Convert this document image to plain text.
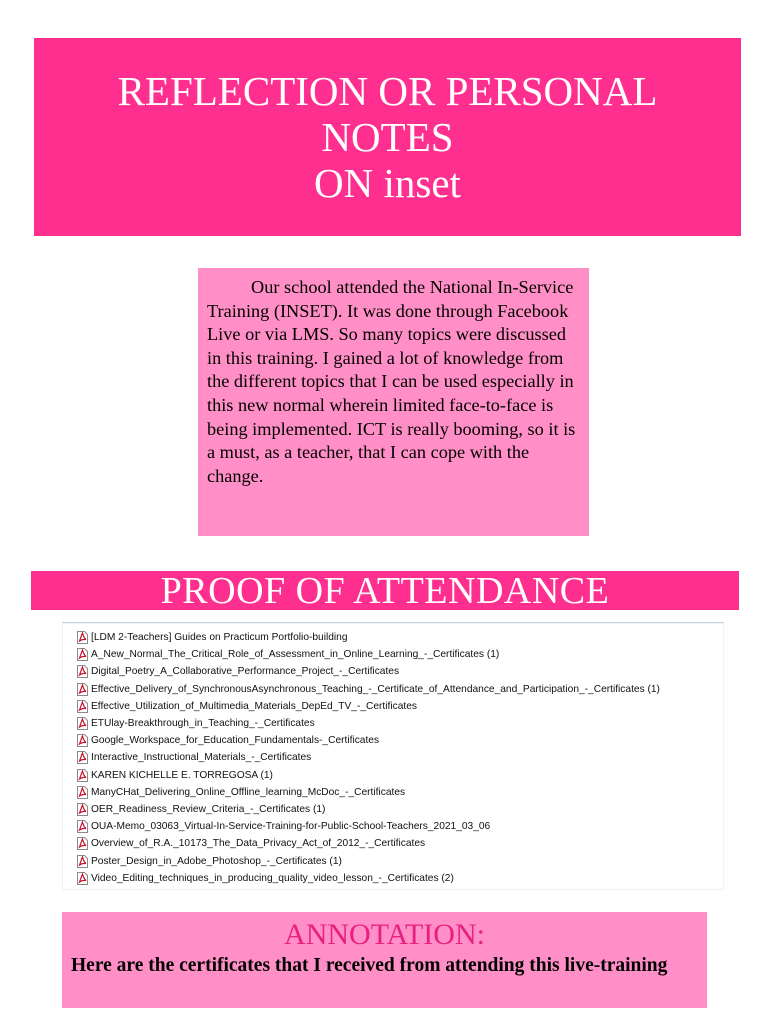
REFLECTION OR PERSONAL
NOTES
ON inset

Our school attended the National In-Service Training (INSET). It was done through Facebook Live or via LMS. So many topics were discussed in this training. I gained a lot of knowledge from the different topics that I can be used especially in this new normal wherein limited face-to-face is being implemented. ICT is really booming, so it is a must, as a teacher, that I can cope with the change.

PROOF OF ATTENDANCE
[LDM 2-Teachers] Guides on Practicum Portfolio-building
A_New_Normal_The_Critical_Role_of_Assessment_in_Online_Learning_-_Certificates (1)
Digital_Poetry_A_Collaborative_Performance_Project_-_Certificates
Effective_Delivery_of_SynchronousAsynchronous_Teaching_-_Certificate_of_Attendance_and_Participation_-_Certificates (1)
Effective_Utilization_of_Multimedia_Materials_DepEd_TV_-_Certificates
ETUlay-Breakthrough_in_Teaching_-_Certificates
Google_Workspace_for_Education_Fundamentals-_Certificates
Interactive_Instructional_Materials_-_Certificates
KAREN KICHELLE E. TORREGOSA (1)
ManyCHat_Delivering_Online_Offline_learning_McDoc_-_Certificates
OER_Readiness_Review_Criteria_-_Certificates (1)
OUA-Memo_03063_Virtual-In-Service-Training-for-Public-School-Teachers_2021_03_06
Overview_of_R.A._10173_The_Data_Privacy_Act_of_2012_-_Certificates
Poster_Design_in_Adobe_Photoshop_-_Certificates (1)
Video_Editing_techniques_in_producing_quality_video_lesson_-_Certificates (2)
ANNOTATION:
Here are the certificates that I received from attending this live-training
